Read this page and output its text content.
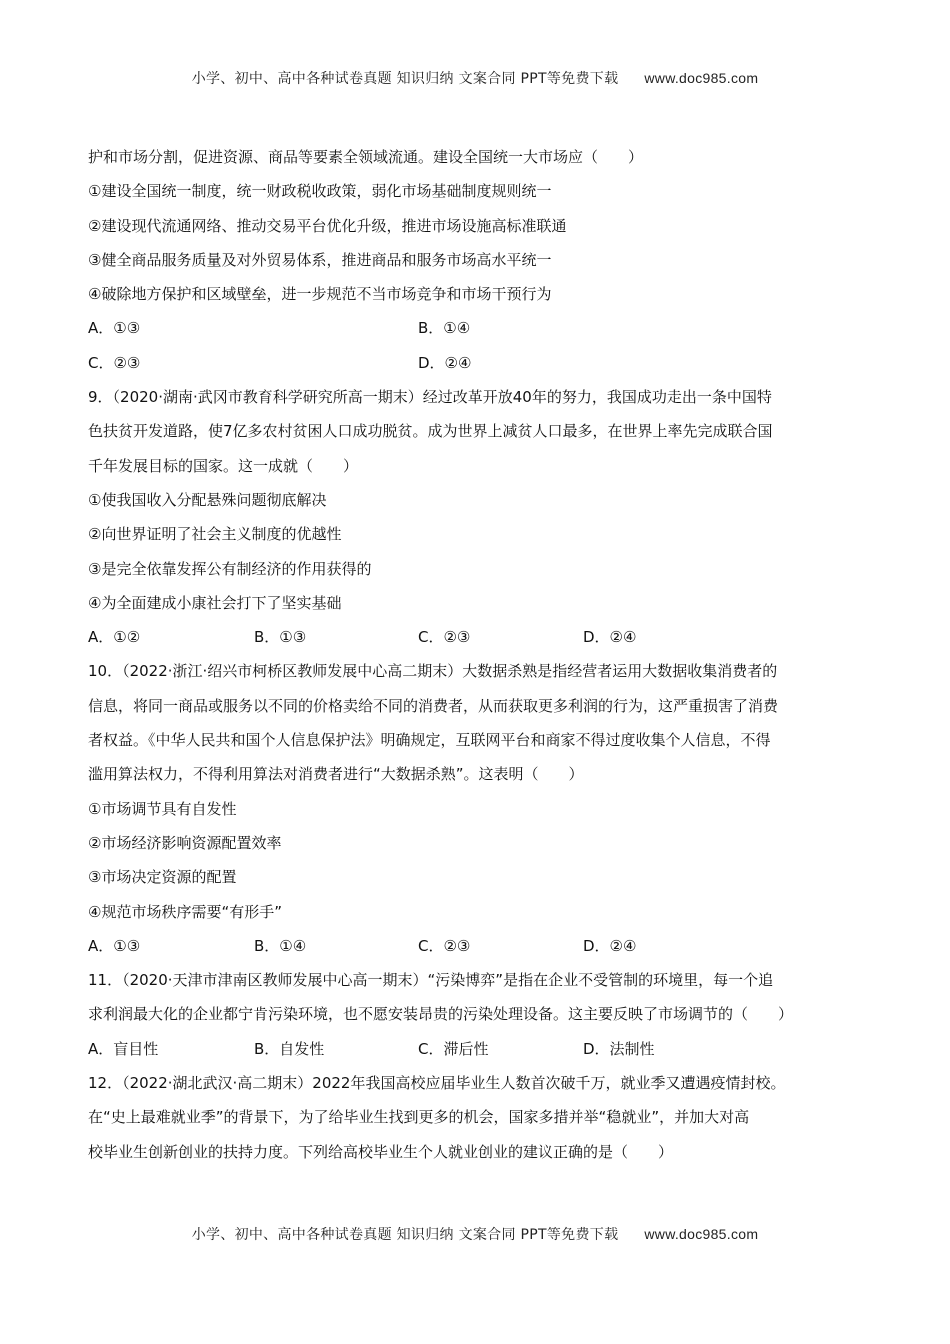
小学、初中、高中各种试卷真题 知识归纳 文案合同 PPT等免费下载 www.doc985.com
护和市场分割，促进资源、商品等要素全领域流通。建设全国统一大市场应（　　）
①建设全国统一制度，统一财政税收政策，弱化市场基础制度规则统一
②建设现代流通网络、推动交易平台优化升级，推进市场设施高标准联通
③健全商品服务质量及对外贸易体系，推进商品和服务市场高水平统一
④破除地方保护和区域壁垒，进一步规范不当市场竞争和市场干预行为
A．①③	B．①④
C．②③	D．②④
9．（2020·湖南·武冈市教育科学研究所高一期末）经过改革开放40年的努力，我国成功走出一条中国特
色扶贫开发道路，使7亿多农村贫困人口成功脱贫。成为世界上减贫人口最多，在世界上率先完成联合国
千年发展目标的国家。这一成就（　　）
①使我国收入分配悬殊问题彻底解决
②向世界证明了社会主义制度的优越性
③是完全依靠发挥公有制经济的作用获得的
④为全面建成小康社会打下了坚实基础
A．①②	B．①③	C．②③	D．②④
10．（2022·浙江·绍兴市柯桥区教师发展中心高二期末）大数据杀熟是指经营者运用大数据收集消费者的
信息，将同一商品或服务以不同的价格卖给不同的消费者，从而获取更多利润的行为，这严重损害了消费
者权益。《中华人民共和国个人信息保护法》明确规定，互联网平台和商家不得过度收集个人信息，不得
滥用算法权力，不得利用算法对消费者进行“大数据杀熟”。这表明（　　）
①市场调节具有自发性
②市场经济影响资源配置效率
③市场决定资源的配置
④规范市场秩序需要“有形手”
A．①③	B．①④	C．②③	D．②④
11．（2020·天津市津南区教师发展中心高一期末）“污染博弈”是指在企业不受管制的环境里，每一个追
求利润最大化的企业都宁肯污染环境，也不愿安装昂贵的污染处理设备。这主要反映了市场调节的（　　）
A．盲目性	B．自发性	C．滞后性	D．法制性
12．（2022·湖北武汉·高二期末）2022年我国高校应届毕业生人数首次破千万，就业季又遭遇疫情封校。
在“史上最难就业季”的背景下，为了给毕业生找到更多的机会，国家多措并举“稳就业”，并加大对高
校毕业生创新创业的扶持力度。下列给高校毕业生个人就业创业的建议正确的是（　　）
小学、初中、高中各种试卷真题 知识归纳 文案合同 PPT等免费下载 www.doc985.com
